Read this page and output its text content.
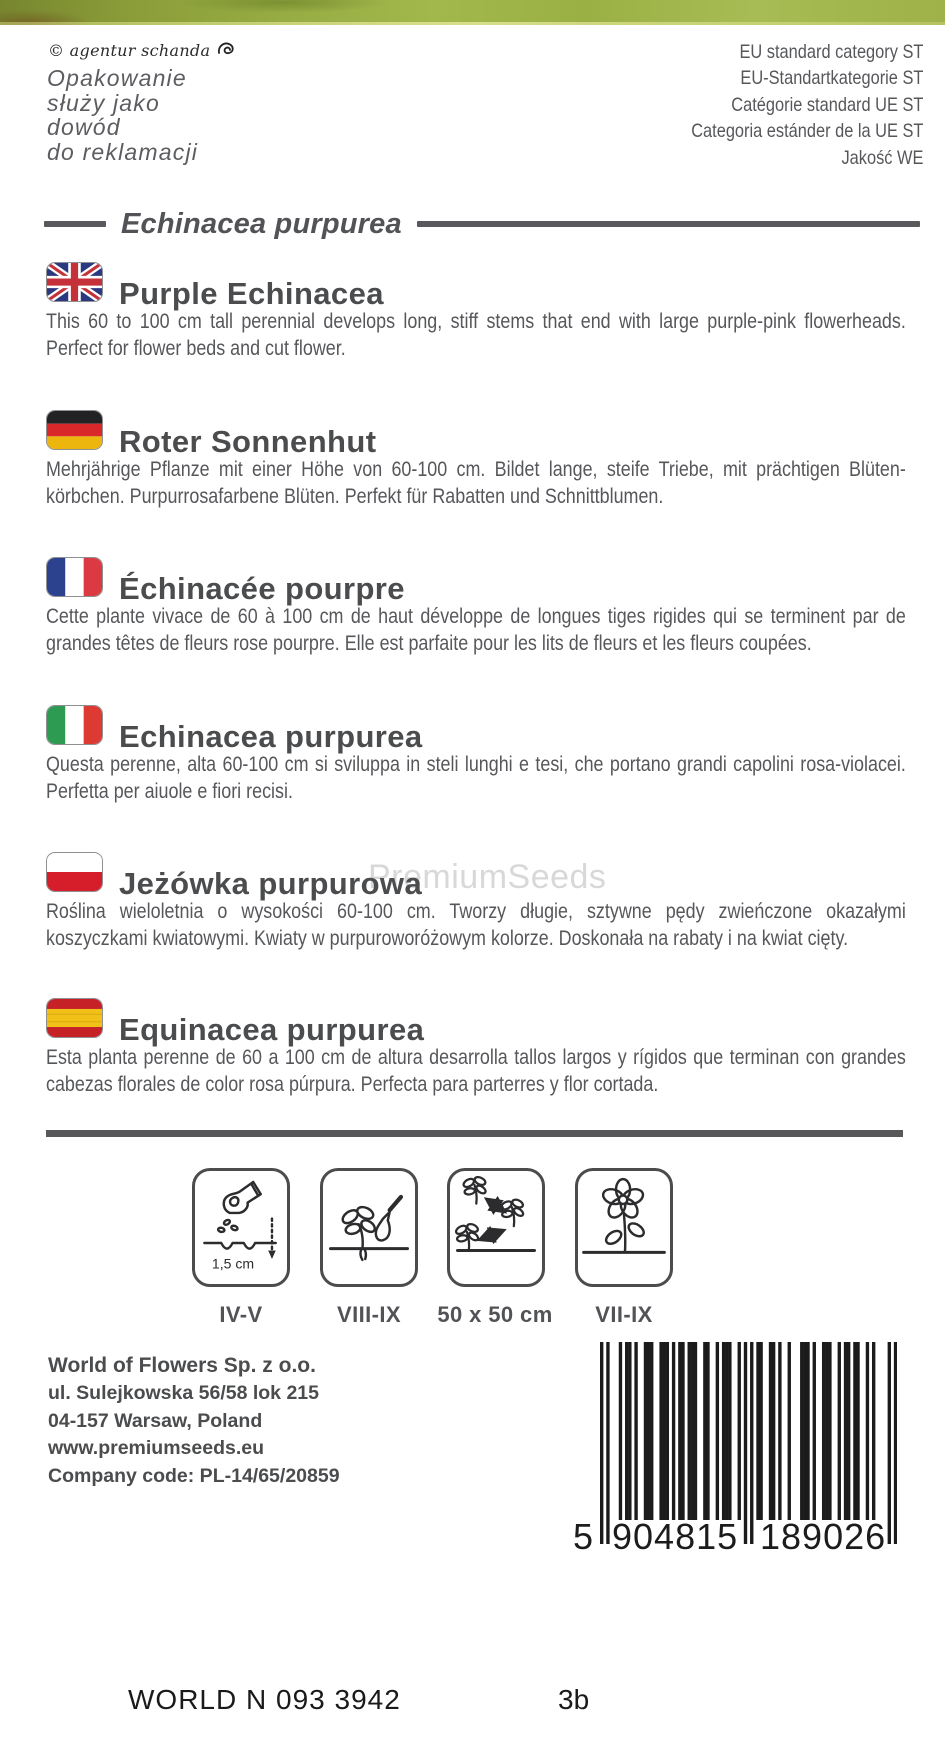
© agentur schanda
Opakowanie
służy jako
dowód
do reklamacji
EU standard category ST
EU-Standartkategorie ST
Catégorie standard UE ST
Categoria estánder de la UE ST
Jakość WE
Echinacea purpurea
PremiumSeeds
Purple Echinacea
This 60 to 100 cm tall perennial develops long, stiff stems that end with large purple-pink flowerheads. Perfect for flower beds and cut flower.
Roter Sonnenhut
Mehrjährige Pflanze mit einer Höhe von 60-100 cm. Bildet lange, steife Triebe, mit prächtigen Blüten-körbchen. Purpurrosafarbene Blüten. Perfekt für Rabatten und Schnittblumen.
Échinacée pourpre
Cette plante vivace de 60 à 100 cm de haut développe de longues tiges rigides qui se terminent par de grandes têtes de fleurs rose pourpre. Elle est parfaite pour les lits de fleurs et les fleurs coupées.
Echinacea purpurea
Questa perenne, alta 60-100 cm si sviluppa in steli lunghi e tesi, che portano grandi capolini rosa-violacei. Perfetta per aiuole e fiori recisi.
Jeżówka purpurowa
Roślina wieloletnia o wysokości 60-100 cm. Tworzy długie, sztywne pędy zwieńczone okazałymi koszyczkami kwiatowymi. Kwiaty w purpuroworóżowym kolorze. Doskonała na rabaty i na kwiat cięty.
Equinacea purpurea
Esta planta perenne de 60 a 100 cm de altura desarrolla tallos largos y rígidos que terminan con grandes cabezas florales de color rosa púrpura. Perfecta para parterres y flor cortada.
1,5 cm
IV-V	VIII-IX	50 x 50 cm	VII-IX
World of Flowers Sp. z o.o.
ul. Sulejkowska 56/58 lok 215
04-157 Warsaw, Poland
www.premiumseeds.eu
Company code: PL-14/65/20859
5 904815 189026
WORLD N 093 3942	3b
